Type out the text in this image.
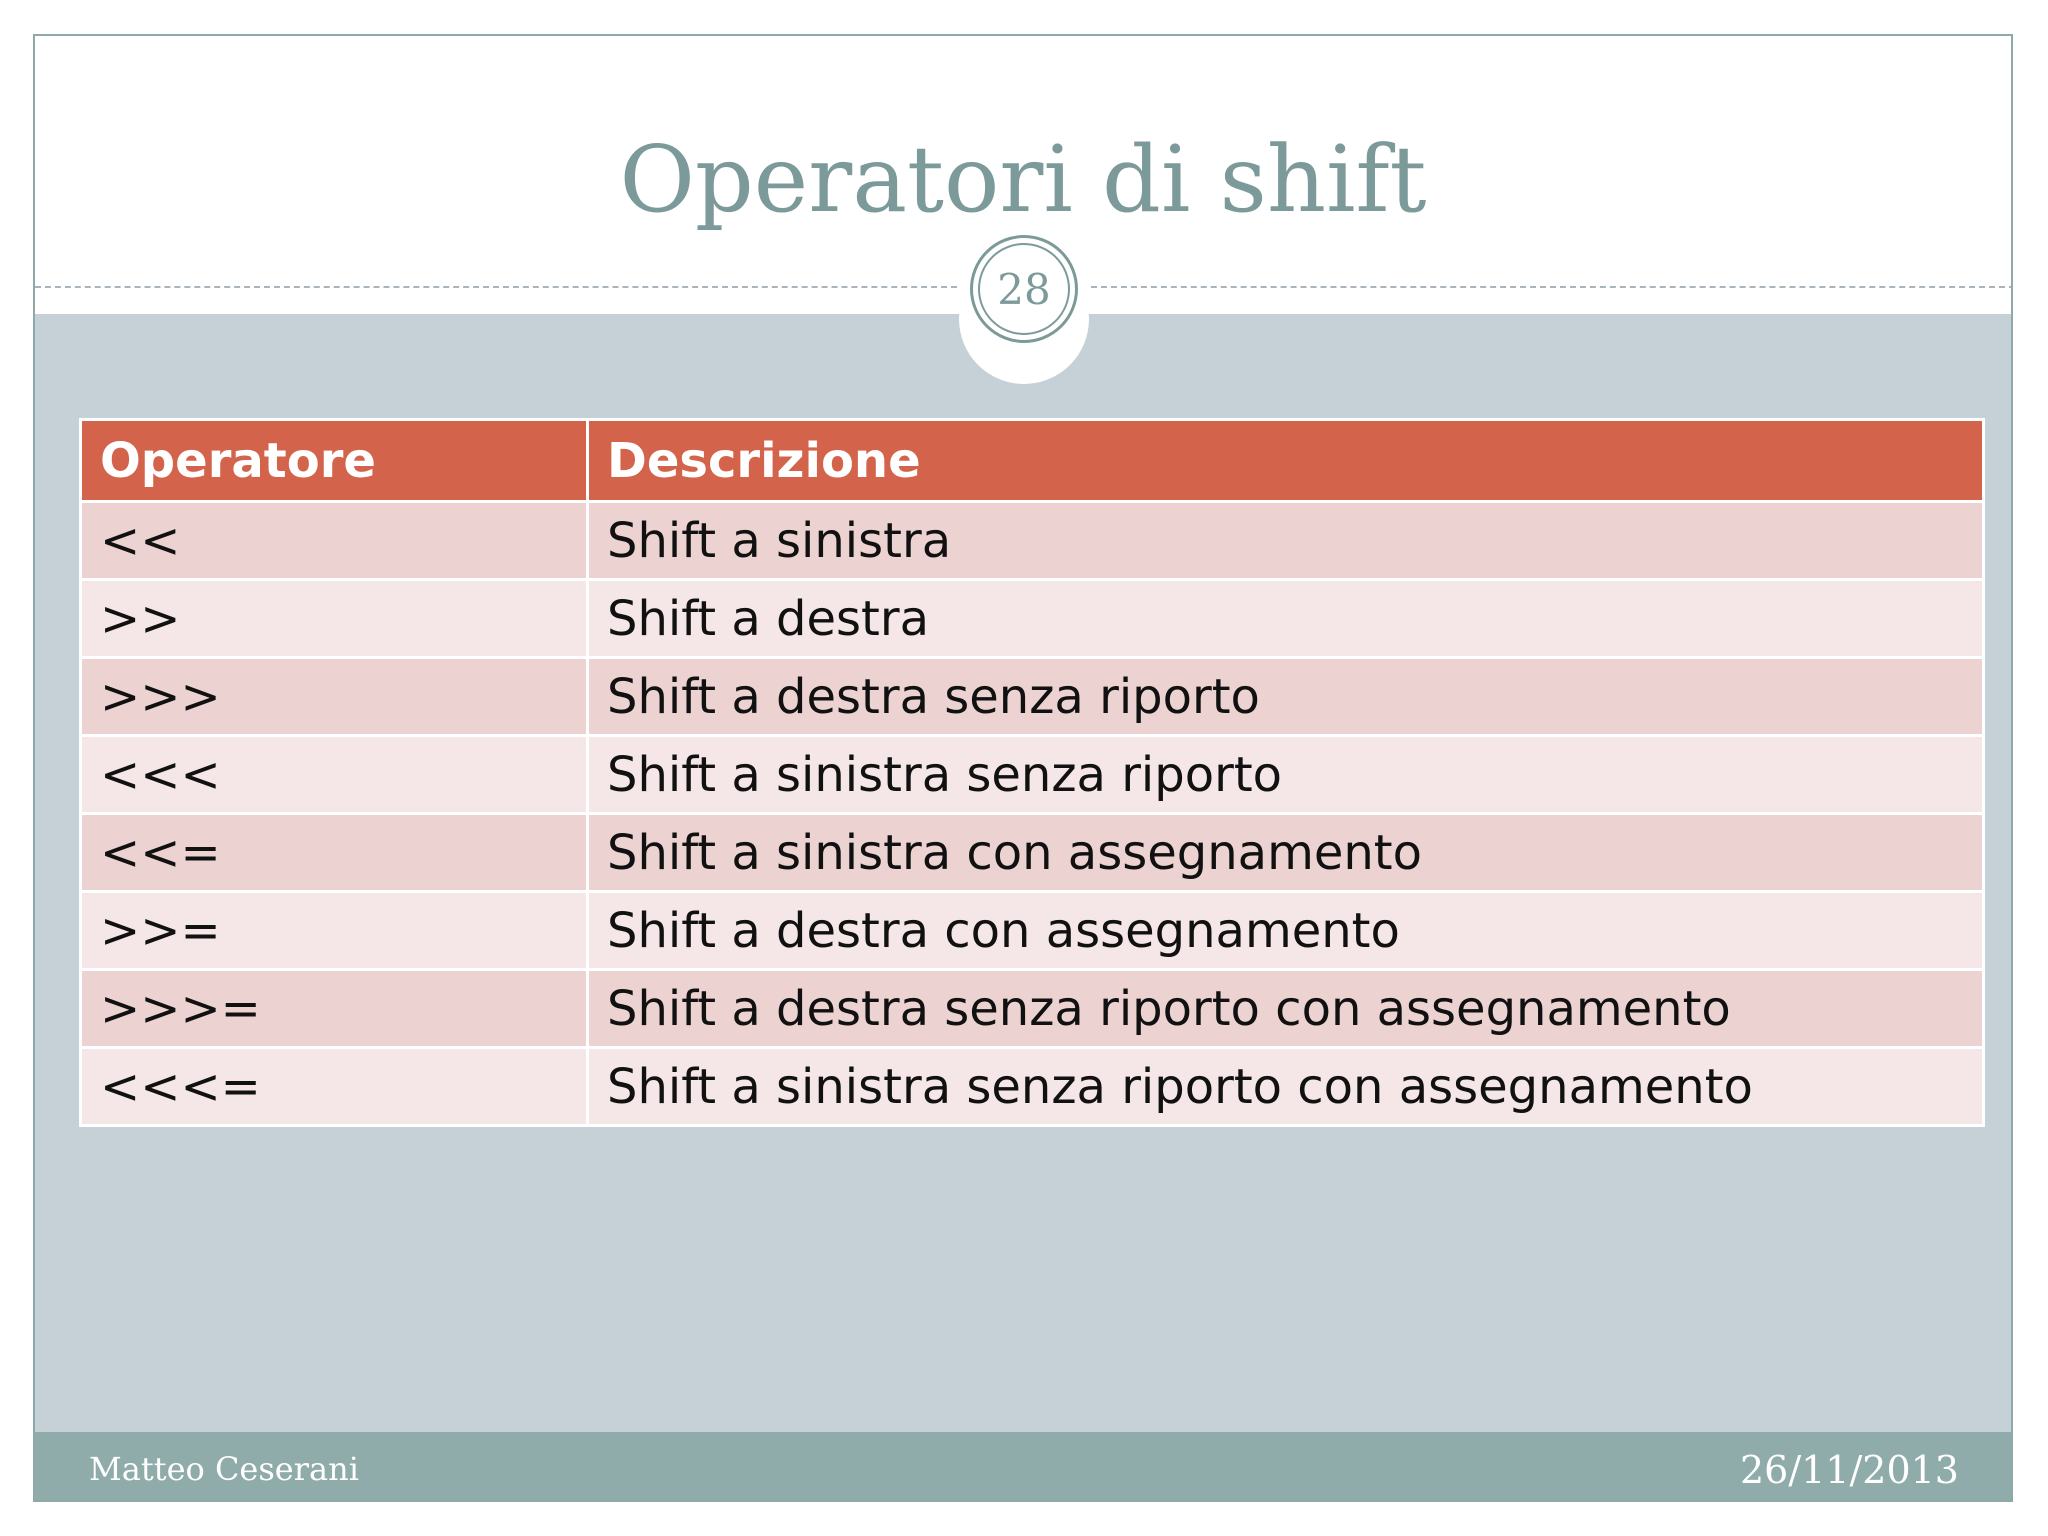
Operatori di shift
28
Operatore	Descrizione
<<	Shift a sinistra
>>	Shift a destra
>>>	Shift a destra senza riporto
<<<	Shift a sinistra senza riporto
<<=	Shift a sinistra con assegnamento
>>=	Shift a destra con assegnamento
>>>=	Shift a destra senza riporto con assegnamento
<<<=	Shift a sinistra senza riporto con assegnamento
Matteo Ceserani	26/11/2013
